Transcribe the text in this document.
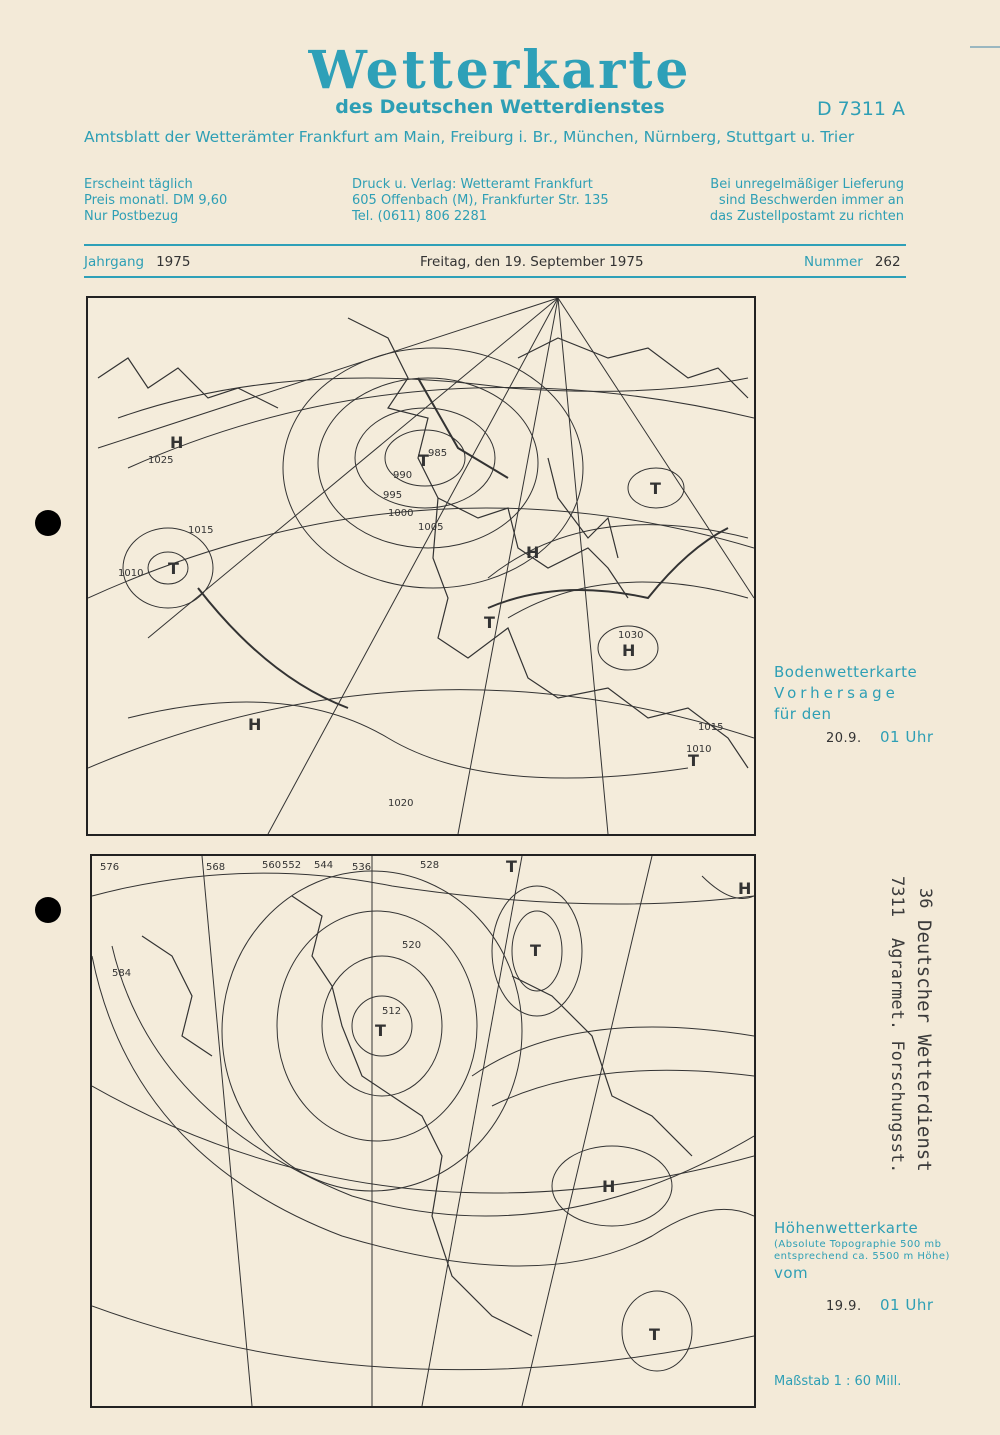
Wetterkarte
des Deutschen Wetterdienstes	D 7311 A
Amtsblatt der Wetterämter Frankfurt am Main, Freiburg i. Br., München, Nürnberg, Stuttgart u. Trier
Erscheint täglich
Preis monatl. DM 9,60
Nur Postbezug
Druck u. Verlag: Wetteramt Frankfurt
605 Offenbach (M), Frankfurter Str. 135
Tel. (0611) 806 2281
Bei unregelmäßiger Lieferung
sind Beschwerden immer an
das Zustellpostamt zu richten
Jahrgang 1975	Freitag, den 19. September 1975	Nummer 262
1025
1015
1010
1005
1000
995
990
985
1020
1030
1015
1010
H
T
T
H
T
H
T
H
T
Bodenwetterkarte
Vorhersage
für den
20.9. 01 Uhr
576	568	560 552 544 536	528
520
512
584
T
T
T
H
H
T
Höhenwetterkarte
(Absolute Topographie 500 mb
entsprechend ca. 5500 m Höhe)
vom
19.9. 01 Uhr
Maßstab 1 : 60 Mill.
Deutscher Wetterdienst
Agrarmet. Forschungsst.
7311 36
